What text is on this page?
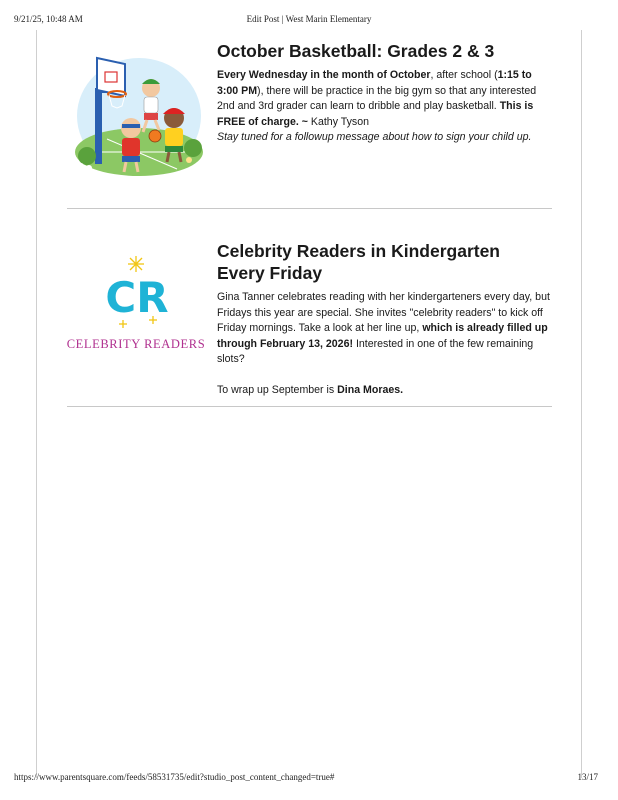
9/21/25, 10:48 AM	Edit Post | West Marin Elementary
October Basketball: Grades 2 & 3

Every Wednesday in the month of October, after school (1:15 to 3:00 PM), there will be practice in the big gym so that any interested 2nd and 3rd grader can learn to dribble and play basketball. This is FREE of charge. ~ Kathy Tyson

Stay tuned for a followup message about how to sign your child up.

CR
CELEBRITY READERS
Celebrity Readers in Kindergarten Every Friday

Gina Tanner celebrates reading with her kindergarteners every day, but Fridays this year are special. She invites "celebrity readers" to kick off Friday mornings. Take a look at her line up, which is already filled up through February 13, 2026! Interested in one of the few remaining slots?

To wrap up September is Dina Moraes.

https://www.parentsquare.com/feeds/58531735/edit?studio_post_content_changed=true#	13/17
